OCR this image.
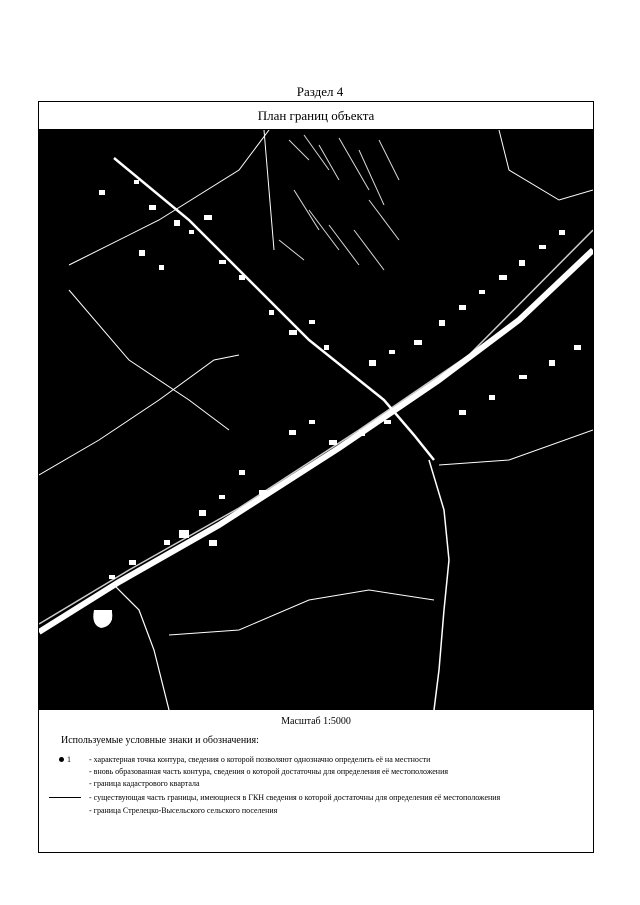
Раздел 4
План границ объекта
Масштаб 1:5000
Используемые условные знаки и обозначения:
1 - характерная точка контура, сведения о которой позволяют однозначно определить её на местности
- вновь образованная часть контура, сведения о которой достаточны для определения её местоположения
- граница кадастрового квартала
- существующая часть границы, имеющиеся в ГКН сведения о которой достаточны для определения её местоположения
- граница Стрелецко-Высельского сельского поселения
